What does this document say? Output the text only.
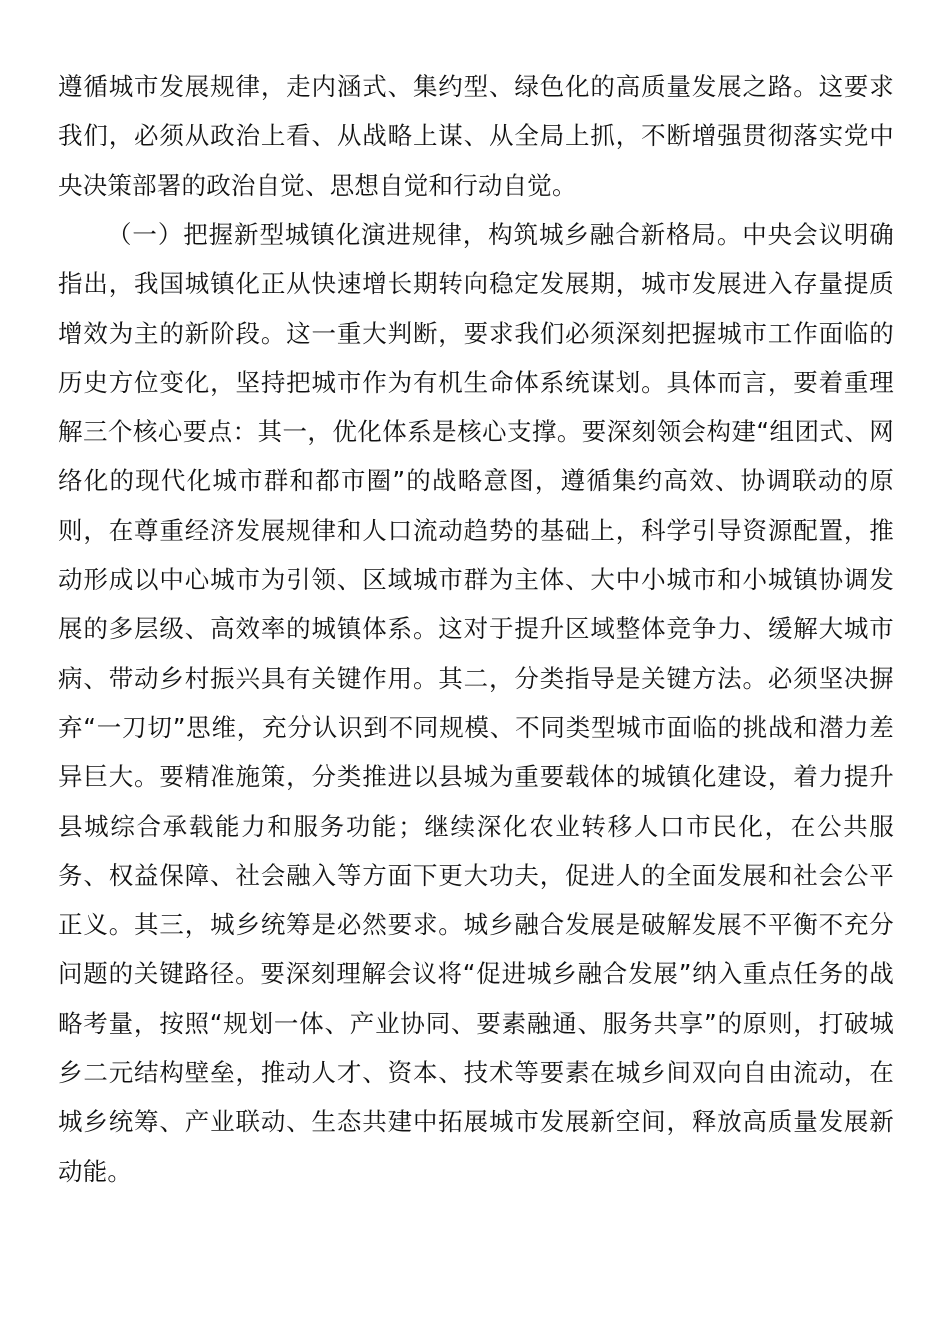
遵循城市发展规律，走内涵式、集约型、绿色化的高质量发展之路。这要求我们，必须从政治上看、从战略上谋、从全局上抓，不断增强贯彻落实党中央决策部署的政治自觉、思想自觉和行动自觉。

（一）把握新型城镇化演进规律，构筑城乡融合新格局。中央会议明确指出，我国城镇化正从快速增长期转向稳定发展期，城市发展进入存量提质增效为主的新阶段。这一重大判断，要求我们必须深刻把握城市工作面临的历史方位变化，坚持把城市作为有机生命体系统谋划。具体而言，要着重理解三个核心要点：其一，优化体系是核心支撑。要深刻领会构建“组团式、网络化的现代化城市群和都市圈”的战略意图，遵循集约高效、协调联动的原则，在尊重经济发展规律和人口流动趋势的基础上，科学引导资源配置，推动形成以中心城市为引领、区域城市群为主体、大中小城市和小城镇协调发展的多层级、高效率的城镇体系。这对于提升区域整体竞争力、缓解大城市病、带动乡村振兴具有关键作用。其二，分类指导是关键方法。必须坚决摒弃“一刀切”思维，充分认识到不同规模、不同类型城市面临的挑战和潜力差异巨大。要精准施策，分类推进以县城为重要载体的城镇化建设，着力提升县城综合承载能力和服务功能；继续深化农业转移人口市民化，在公共服务、权益保障、社会融入等方面下更大功夫，促进人的全面发展和社会公平正义。其三，城乡统筹是必然要求。城乡融合发展是破解发展不平衡不充分问题的关键路径。要深刻理解会议将“促进城乡融合发展”纳入重点任务的战略考量，按照“规划一体、产业协同、要素融通、服务共享”的原则，打破城乡二元结构壁垒，推动人才、资本、技术等要素在城乡间双向自由流动，在城乡统筹、产业联动、生态共建中拓展城市发展新空间，释放高质量发展新动能。
